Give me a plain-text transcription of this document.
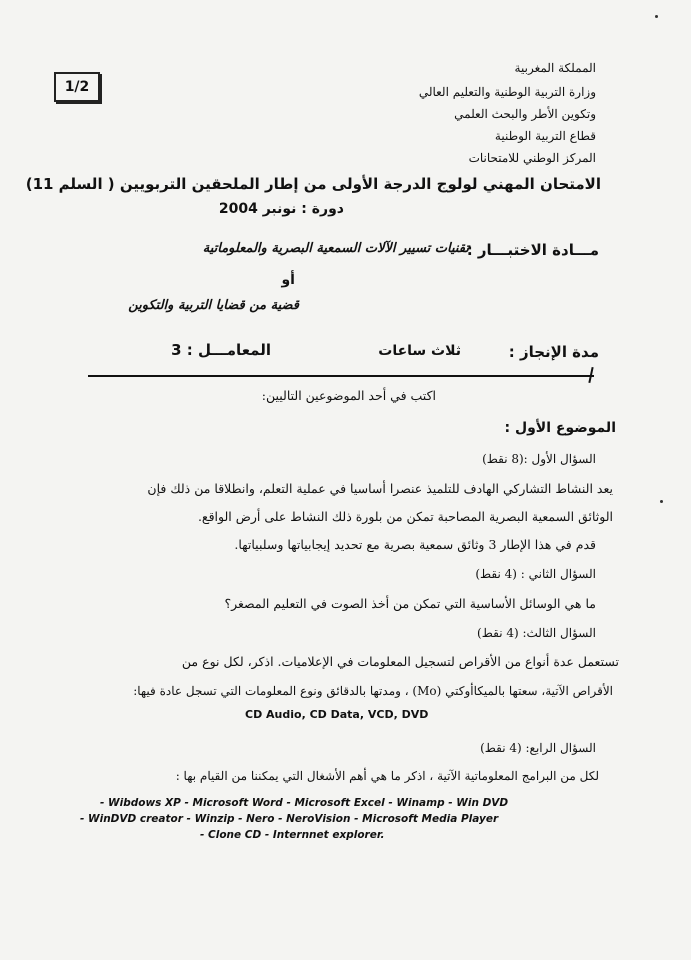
المملكة المغربية
وزارة التربية الوطنية والتعليم العالي
وتكوين الأطر والبحث العلمي
قطاع التربية الوطنية
المركز الوطني للامتحانات
1/2
الامتحان المهني لولوج الدرجة الأولى من إطار الملحقين التربويين ( السلم 11)
دورة : نونبر 2004
مـــادة الاختبـــار :
تقنيات تسيير الآلات السمعية البصرية والمعلوماتية
أو
قضية من قضايا التربية والتكوين
مدة الإنجاز :
ثلاث ساعات
المعامـــل : 3
اكتب في أحد الموضوعين التاليين:
الموضوع الأول :
السؤال الأول :(8 نقط)
يعد النشاط التشاركي الهادف للتلميذ عنصرا أساسيا في عملية التعلم، وانطلاقا من ذلك فإن
الوثائق السمعية البصرية المصاحبة تمكن من بلورة ذلك النشاط على أرض الواقع.
قدم في هذا الإطار 3 وثائق سمعية بصرية مع تحديد إيجابياتها وسلبياتها.
السؤال الثاني : (4 نقط)
ما هي الوسائل الأساسية التي تمكن من أخذ الصوت في التعليم المصغر؟
السؤال الثالث: (4 نقط)
تستعمل عدة أنواع من الأقراص لتسجيل المعلومات في الإعلاميات. اذكر، لكل نوع من
الأقراص الآتية، سعتها بالميكاأوكتي (Mo) ، ومدتها بالدقائق ونوع المعلومات التي تسجل عادة فيها:
CD Audio, CD Data, VCD, DVD
السؤال الرابع: (4 نقط)
لكل من البرامج المعلوماتية الآتية ، اذكر ما هي أهم الأشغال التي يمكننا من القيام بها :
- Wibdows XP - Microsoft Word - Microsoft Excel - Winamp - Win DVD
- WinDVD creator - Winzip - Nero - NeroVision - Microsoft Media Player
- Clone CD - Internnet explorer.
